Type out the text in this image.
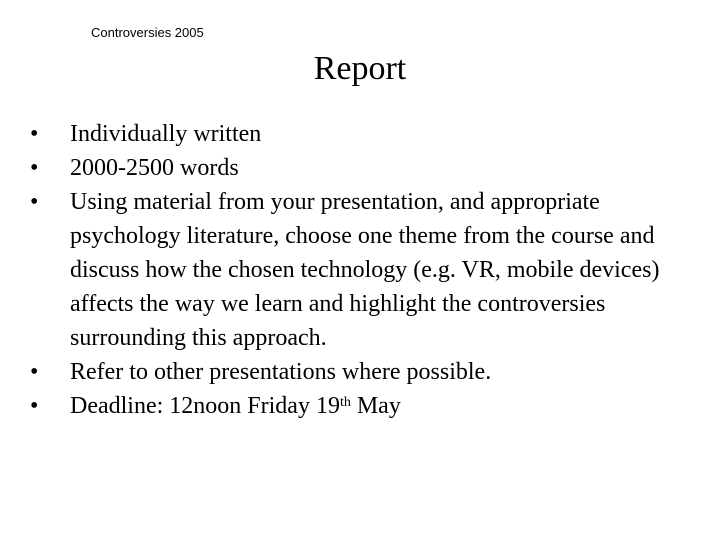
Controversies 2005
Report
• Individually written
• 2000-2500 words
• Using material from your presentation, and appropriate psychology literature, choose one theme from the course and discuss how the chosen technology (e.g. VR, mobile devices) affects the way we learn and highlight the controversies surrounding this approach.
• Refer to other presentations where possible.
• Deadline: 12noon Friday 19th May
